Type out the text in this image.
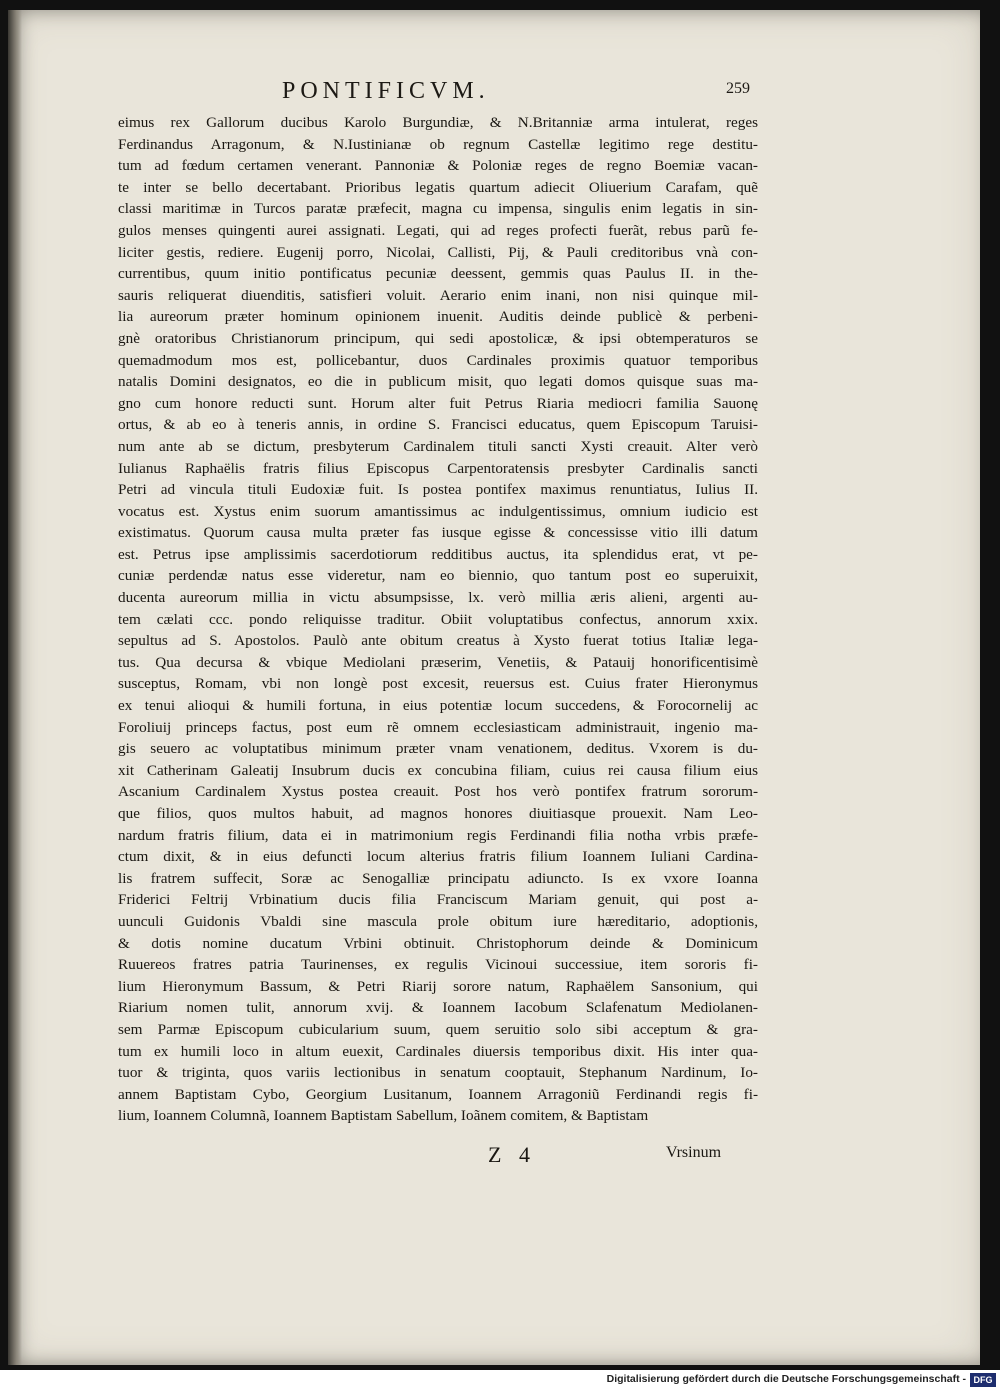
PONTIFICVM.	259
eimus rex Gallorum ducibus Karolo Burgundiæ, & N.Britanniæ arma intulerat, reges
Ferdinandus Arragonum, & N.Iustinianæ ob regnum Castellæ legitimo rege destitu-
tum ad fœdum certamen venerant. Pannoniæ & Poloniæ reges de regno Boemiæ vacan-
te inter se bello decertabant. Prioribus legatis quartum adiecit Oliuerium Carafam, quẽ
classi maritimæ in Turcos paratæ præfecit, magna cu impensa, singulis enim legatis in sin-
gulos menses quingenti aurei assignati. Legati, qui ad reges profecti fuerãt, rebus parũ fe-
liciter gestis, rediere. Eugenij porro, Nicolai, Callisti, Pij, & Pauli creditoribus vnà con-
currentibus, quum initio pontificatus pecuniæ deessent, gemmis quas Paulus II. in the-
sauris reliquerat diuenditis, satisfieri voluit. Aerario enim inani, non nisi quinque mil-
lia aureorum præter hominum opinionem inuenit. Auditis deinde publicè & perbeni-
gnè oratoribus Christianorum principum, qui sedi apostolicæ, & ipsi obtemperaturos se
quemadmodum mos est, pollicebantur, duos Cardinales proximis quatuor temporibus
natalis Domini designatos, eo die in publicum misit, quo legati domos quisque suas ma-
gno cum honore reducti sunt. Horum alter fuit Petrus Riaria mediocri familia Sauonę
ortus, & ab eo à teneris annis, in ordine S. Francisci educatus, quem Episcopum Taruisi-
num ante ab se dictum, presbyterum Cardinalem tituli sancti Xysti creauit. Alter verò
Iulianus Raphaëlis fratris filius Episcopus Carpentoratensis presbyter Cardinalis sancti
Petri ad vincula tituli Eudoxiæ fuit. Is postea pontifex maximus renuntiatus, Iulius II.
vocatus est. Xystus enim suorum amantissimus ac indulgentissimus, omnium iudicio est
existimatus. Quorum causa multa præter fas iusque egisse & concessisse vitio illi datum
est. Petrus ipse amplissimis sacerdotiorum redditibus auctus, ita splendidus erat, vt pe-
cuniæ perdendæ natus esse videretur, nam eo biennio, quo tantum post eo superuixit,
ducenta aureorum millia in victu absumpsisse, lx. verò millia æris alieni, argenti au-
tem cælati ccc. pondo reliquisse traditur. Obiit voluptatibus confectus, annorum xxix.
sepultus ad S. Apostolos. Paulò ante obitum creatus à Xysto fuerat totius Italiæ lega-
tus. Qua decursa & vbique Mediolani præserim, Venetiis, & Patauij honorificentisimè
susceptus, Romam, vbi non longè post excesit, reuersus est. Cuius frater Hieronymus
ex tenui alioqui & humili fortuna, in eius potentiæ locum succedens, & Forocornelij ac
Foroliuij princeps factus, post eum rẽ omnem ecclesiasticam administrauit, ingenio ma-
gis seuero ac voluptatibus minimum præter vnam venationem, deditus. Vxorem is du-
xit Catherinam Galeatij Insubrum ducis ex concubina filiam, cuius rei causa filium eius
Ascanium Cardinalem Xystus postea creauit. Post hos verò pontifex fratrum sororum-
que filios, quos multos habuit, ad magnos honores diuitiasque prouexit. Nam Leo-
nardum fratris filium, data ei in matrimonium regis Ferdinandi filia notha vrbis præfe-
ctum dixit, & in eius defuncti locum alterius fratris filium Ioannem Iuliani Cardina-
lis fratrem suffecit, Soræ ac Senogalliæ principatu adiuncto. Is ex vxore Ioanna
Friderici Feltrij Vrbinatium ducis filia Franciscum Mariam genuit, qui post a-
uunculi Guidonis Vbaldi sine mascula prole obitum iure hæreditario, adoptionis,
& dotis nomine ducatum Vrbini obtinuit. Christophorum deinde & Dominicum
Ruuereos fratres patria Taurinenses, ex regulis Vicinoui successiue, item sororis fi-
lium Hieronymum Bassum, & Petri Riarij sorore natum, Raphaëlem Sansonium, qui
Riarium nomen tulit, annorum xvij. & Ioannem Iacobum Sclafenatum Mediolanen-
sem Parmæ Episcopum cubicularium suum, quem seruitio solo sibi acceptum & gra-
tum ex humili loco in altum euexit, Cardinales diuersis temporibus dixit. His inter qua-
tuor & triginta, quos variis lectionibus in senatum cooptauit, Stephanum Nardinum, Io-
annem Baptistam Cybo, Georgium Lusitanum, Ioannem Arragoniũ Ferdinandi regis fi-
lium, Ioannem Columnã, Ioannem Baptistam Sabellum, Ioãnem comitem, & Baptistam
Z 4	Vrsinum
Digitalisierung gefördert durch die Deutsche Forschungsgemeinschaft - DFG
